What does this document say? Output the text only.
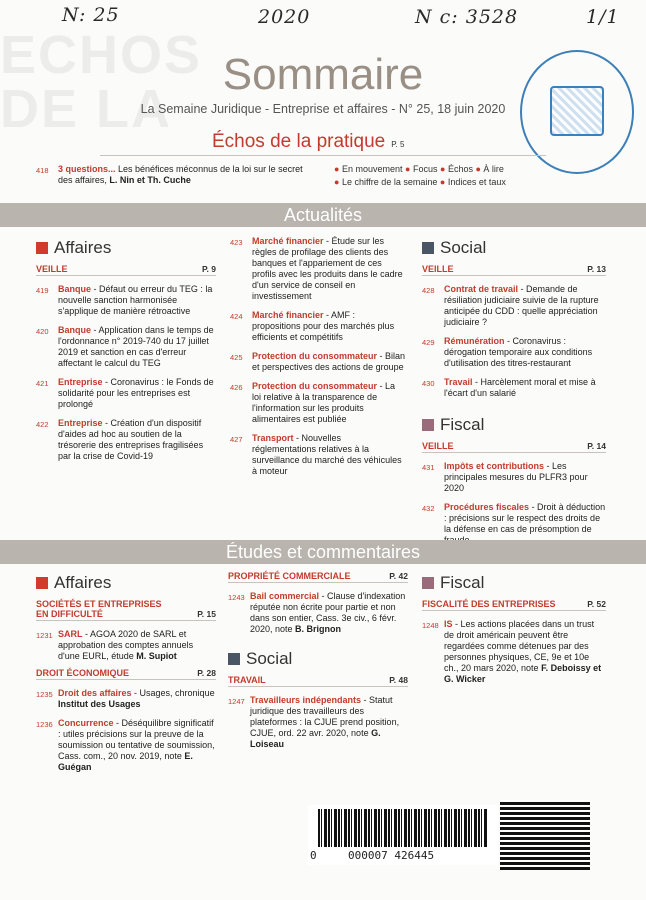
N: 25	2020	N c: 3528	1/1
ECHOS
DE LA
Sommaire
La Semaine Juridique - Entreprise et affaires - N° 25, 18 juin 2020
Échos de la pratique P. 5
418	3 questions... Les bénéfices méconnus de la loi sur le secret des affaires, L. Nin et Th. Cuche
● En mouvement ● Focus ● Échos ● À lire
● Le chiffre de la semaine ● Indices et taux
Actualités
Affaires
VEILLE	P. 9
419	Banque - Défaut ou erreur du TEG : la nouvelle sanction harmonisée s'applique de manière rétroactive
420	Banque - Application dans le temps de l'ordonnance n° 2019-740 du 17 juillet 2019 et sanction en cas d'erreur affectant le calcul du TEG
421	Entreprise - Coronavirus : le Fonds de solidarité pour les entreprises est prolongé
422	Entreprise - Création d'un dispositif d'aides ad hoc au soutien de la trésorerie des entreprises fragilisées par la crise de Covid-19
423	Marché financier - Étude sur les règles de profilage des clients des banques et l'appariement de ces profils avec les produits dans le cadre d'un service de conseil en investissement
424	Marché financier - AMF : propositions pour des marchés plus efficients et compétitifs
425	Protection du consommateur - Bilan et perspectives des actions de groupe
426	Protection du consommateur - La loi relative à la transparence de l'information sur les produits alimentaires est publiée
427	Transport - Nouvelles réglementations relatives à la surveillance du marché des véhicules à moteur
Social
VEILLE	P. 13
428	Contrat de travail - Demande de résiliation judiciaire suivie de la rupture anticipée du CDD : quelle appréciation judiciaire ?
429	Rémunération - Coronavirus : dérogation temporaire aux conditions d'utilisation des titres-restaurant
430	Travail - Harcèlement moral et mise à l'écart d'un salarié
Fiscal
VEILLE	P. 14
431	Impôts et contributions - Les principales mesures du PLFR3 pour 2020
432	Procédures fiscales - Droit à déduction : précisions sur le respect des droits de la défense en cas de présomption de
Études et commentaires
Affaires
SOCIÉTÉS ET ENTREPRISES EN DIFFICULTÉ	P. 15
1231 SARL - AGOA 2020 de SARL et approbation des comptes annuels d'une EURL, étude M. Supiot
DROIT ÉCONOMIQUE	P. 28
1235 Droit des affaires - Usages, chronique Institut des Usages
1236 Concurrence - Déséquilibre significatif : utiles précisions sur la preuve de la soumission ou tentative de soumission, Cass. com., 20 nov. 2019, note E. Guégan
PROPRIÉTÉ COMMERCIALE	P. 42
1243 Bail commercial - Clause d'indexation réputée non écrite pour partie et non dans son entier, Cass. 3e civ., 6 févr. 2020, note B. Brignon
Social
TRAVAIL	P. 48
1247 Travailleurs indépendants - Statut juridique des travailleurs des plateformes : la CJUE prend position, CJUE, ord. 22 avr. 2020, note G. Loiseau
Fiscal
FISCALITÉ DES ENTREPRISES	P. 52
1248 IS - Les actions placées dans un trust de droit américain peuvent être regardées comme détenues par des personnes physiques, CE, 9e et 10e ch., 20 mars 2020, note F. Deboissy et G. Wicker
0	000007 426445
